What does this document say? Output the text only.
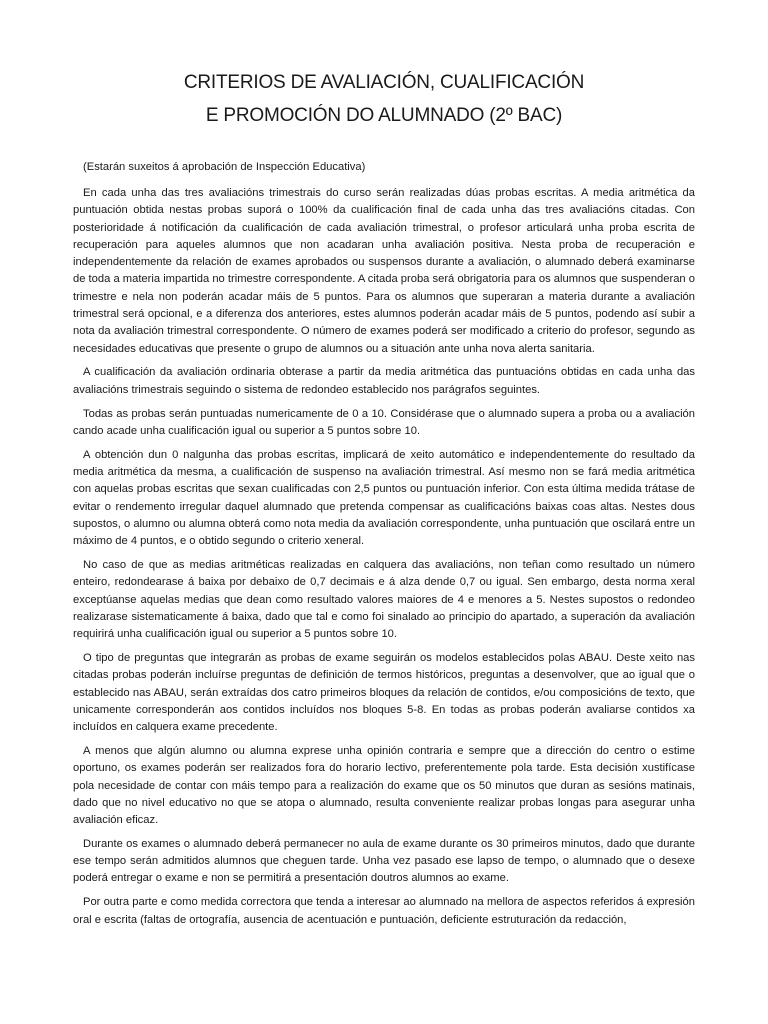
CRITERIOS DE AVALIACIÓN, CUALIFICACIÓN
E PROMOCIÓN DO ALUMNADO (2º BAC)

(Estarán suxeitos á aprobación de Inspección Educativa)

En cada unha das tres avaliacións trimestrais do curso serán realizadas dúas probas escritas. A media aritmética da puntuación obtida nestas probas suporá o 100% da cualificación final de cada unha das tres avaliacións citadas. Con posterioridade á notificación da cualificación de cada avaliación trimestral, o profesor articulará unha proba escrita de recuperación para aqueles alumnos que non acadaran unha avaliación positiva. Nesta proba de recuperación e independentemente da relación de exames aprobados ou suspensos durante a avaliación, o alumnado deberá examinarse de toda a materia impartida no trimestre correspondente. A citada proba será obrigatoria para os alumnos que suspenderan o trimestre e nela non poderán acadar máis de 5 puntos. Para os alumnos que superaran a materia durante a avaliación trimestral será opcional, e a diferenza dos anteriores, estes alumnos poderán acadar máis de 5 puntos, podendo así subir a nota da avaliación trimestral correspondente. O número de exames poderá ser modificado a criterio do profesor, segundo as necesidades educativas que presente o grupo de alumnos ou a situación ante unha nova alerta sanitaria.

A cualificación da avaliación ordinaria obterase a partir da media aritmética das puntuacións obtidas en cada unha das avaliacións trimestrais seguindo o sistema de redondeo establecido nos parágrafos seguintes.

Todas as probas serán puntuadas numericamente de 0 a 10. Considérase que o alumnado supera a proba ou a avaliación cando acade unha cualificación igual ou superior a 5 puntos sobre 10.

A obtención dun 0 nalgunha das probas escritas, implicará de xeito automático e independentemente do resultado da media aritmética da mesma, a cualificación de suspenso na avaliación trimestral. Así mesmo non se fará media aritmética con aquelas probas escritas que sexan cualificadas con 2,5 puntos ou puntuación inferior. Con esta última medida trátase de evitar o rendemento irregular daquel alumnado que pretenda compensar as cualificacións baixas coas altas. Nestes dous supostos, o alumno ou alumna obterá como nota media da avaliación correspondente, unha puntuación que oscilará entre un máximo de 4 puntos, e o obtido segundo o criterio xeneral.

No caso de que as medias aritméticas realizadas en calquera das avaliacións, non teñan como resultado un número enteiro, redondearase á baixa por debaixo de 0,7 decimais e á alza dende 0,7 ou igual. Sen embargo, desta norma xeral exceptúanse aquelas medias que dean como resultado valores maiores de 4 e menores a 5. Nestes supostos o redondeo realizarase sistematicamente á baixa, dado que tal e como foi sinalado ao principio do apartado, a superación da avaliación requirirá unha cualificación igual ou superior a 5 puntos sobre 10.

O tipo de preguntas que integrarán as probas de exame seguirán os modelos establecidos polas ABAU. Deste xeito nas citadas probas poderán incluírse preguntas de definición de termos históricos, preguntas a desenvolver, que ao igual que o establecido nas ABAU, serán extraídas dos catro primeiros bloques da relación de contidos, e/ou composicións de texto, que unicamente corresponderán aos contidos incluídos nos bloques 5-8. En todas as probas poderán avaliarse contidos xa incluídos en calquera exame precedente.

A menos que algún alumno ou alumna exprese unha opinión contraria e sempre que a dirección do centro o estime oportuno, os exames poderán ser realizados fora do horario lectivo, preferentemente pola tarde. Esta decisión xustifícase pola necesidade de contar con máis tempo para a realización do exame que os 50 minutos que duran as sesións matinais, dado que no nivel educativo no que se atopa o alumnado, resulta conveniente realizar probas longas para asegurar unha avaliación eficaz.

Durante os exames o alumnado deberá permanecer no aula de exame durante os 30 primeiros minutos, dado que durante ese tempo serán admitidos alumnos que cheguen tarde. Unha vez pasado ese lapso de tempo, o alumnado que o desexe poderá entregar o exame e non se permitirá a presentación doutros alumnos ao exame.

Por outra parte e como medida correctora que tenda a interesar ao alumnado na mellora de aspectos referidos á expresión oral e escrita (faltas de ortografía, ausencia de acentuación e puntuación, deficiente estruturación da redacción,
